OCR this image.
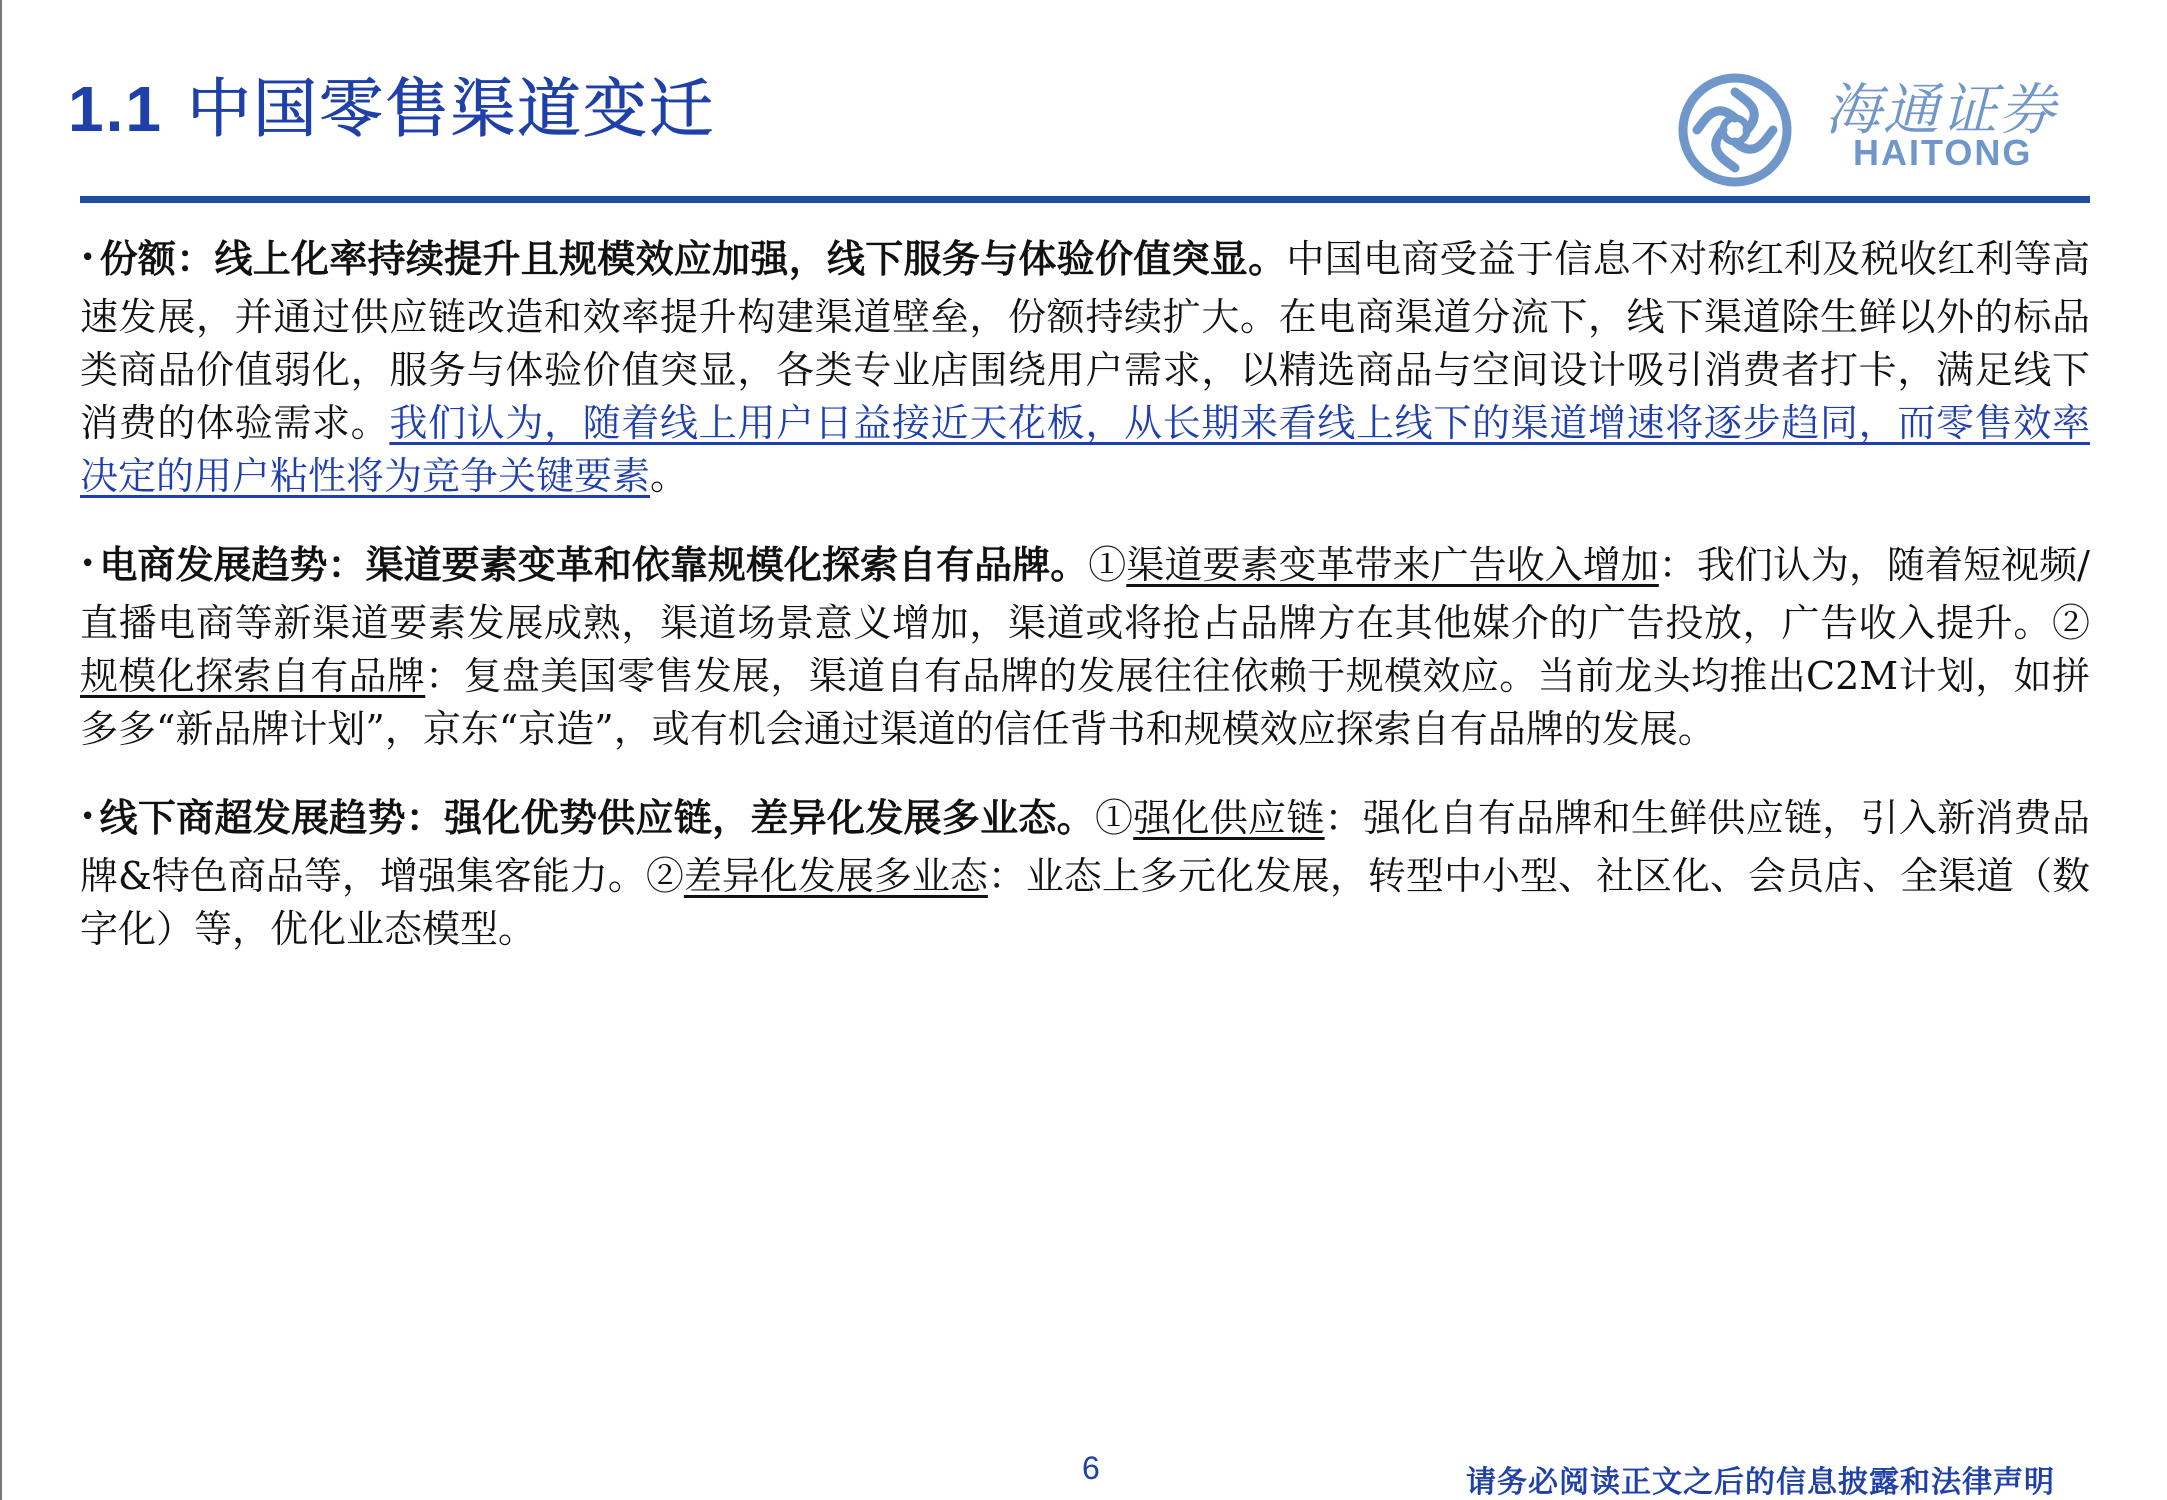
1.1 中国零售渠道变迁	海通证券
HAITONG

• 份额：线上化率持续提升且规模效应加强，线下服务与体验价值突显。中国电商受益于信息不对称红利及税收红利等高速发展，并通过供应链改造和效率提升构建渠道壁垒，份额持续扩大。在电商渠道分流下，线下渠道除生鲜以外的标品类商品价值弱化，服务与体验价值突显，各类专业店围绕用户需求，以精选商品与空间设计吸引消费者打卡，满足线下消费的体验需求。我们认为，随着线上用户日益接近天花板，从长期来看线上线下的渠道增速将逐步趋同，而零售效率决定的用户粘性将为竞争关键要素。

• 电商发展趋势：渠道要素变革和依靠规模化探索自有品牌。①渠道要素变革带来广告收入增加：我们认为，随着短视频/直播电商等新渠道要素发展成熟，渠道场景意义增加，渠道或将抢占品牌方在其他媒介的广告投放，广告收入提升。②规模化探索自有品牌：复盘美国零售发展，渠道自有品牌的发展往往依赖于规模效应。当前龙头均推出C2M计划，如拼多多“新品牌计划”，京东“京造”，或有机会通过渠道的信任背书和规模效应探索自有品牌的发展。

• 线下商超发展趋势：强化优势供应链，差异化发展多业态。①强化供应链：强化自有品牌和生鲜供应链，引入新消费品牌&特色商品等，增强集客能力。②差异化发展多业态：业态上多元化发展，转型中小型、社区化、会员店、全渠道（数字化）等，优化业态模型。

6	请务必阅读正文之后的信息披露和法律声明
